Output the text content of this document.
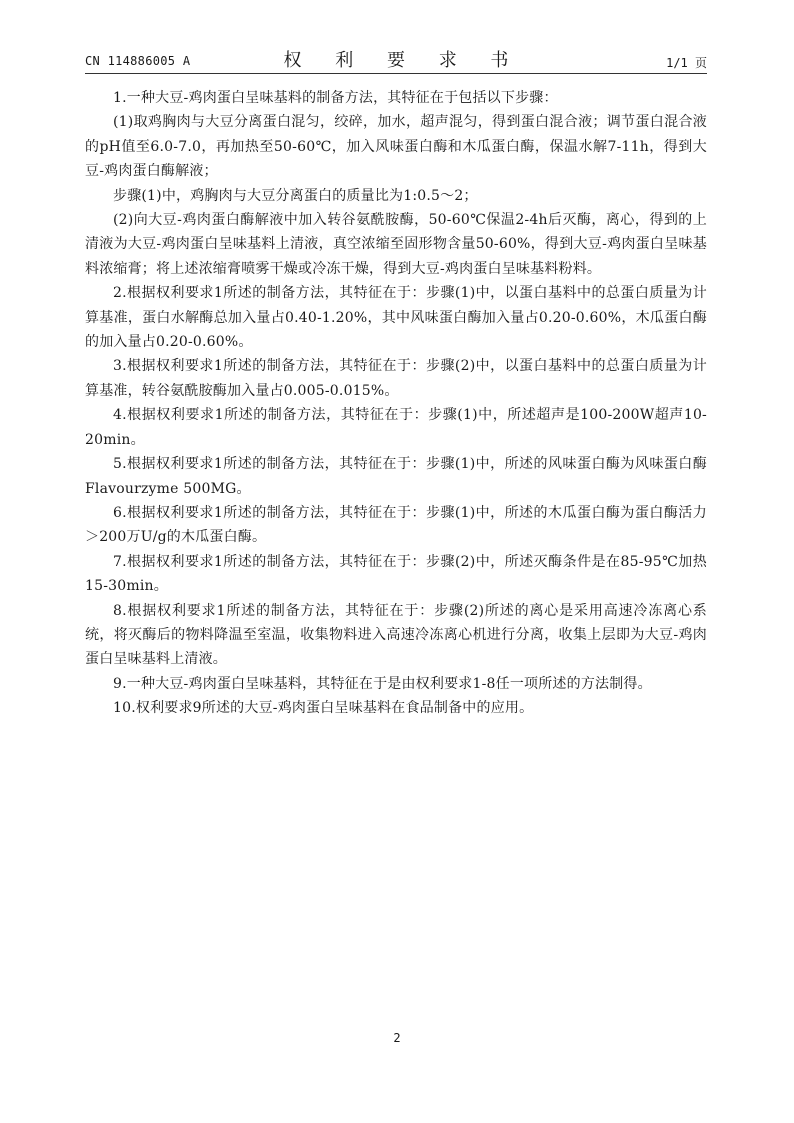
CN 114886005 A	权 利 要 求 书	1/1 页

1.一种大豆-鸡肉蛋白呈味基料的制备方法，其特征在于包括以下步骤：

(1)取鸡胸肉与大豆分离蛋白混匀，绞碎，加水，超声混匀，得到蛋白混合液；调节蛋白混合液的pH值至6.0-7.0，再加热至50-60℃，加入风味蛋白酶和木瓜蛋白酶，保温水解7-11h，得到大豆-鸡肉蛋白酶解液；

步骤(1)中，鸡胸肉与大豆分离蛋白的质量比为1:0.5～2；

(2)向大豆-鸡肉蛋白酶解液中加入转谷氨酰胺酶，50-60℃保温2-4h后灭酶，离心，得到的上清液为大豆-鸡肉蛋白呈味基料上清液，真空浓缩至固形物含量50-60%，得到大豆-鸡肉蛋白呈味基料浓缩膏；将上述浓缩膏喷雾干燥或冷冻干燥，得到大豆-鸡肉蛋白呈味基料粉料。

2.根据权利要求1所述的制备方法，其特征在于：步骤(1)中，以蛋白基料中的总蛋白质量为计算基准，蛋白水解酶总加入量占0.40-1.20%，其中风味蛋白酶加入量占0.20-0.60%，木瓜蛋白酶的加入量占0.20-0.60%。

3.根据权利要求1所述的制备方法，其特征在于：步骤(2)中，以蛋白基料中的总蛋白质量为计算基准，转谷氨酰胺酶加入量占0.005-0.015%。

4.根据权利要求1所述的制备方法，其特征在于：步骤(1)中，所述超声是100-200W超声10-20min。

5.根据权利要求1所述的制备方法，其特征在于：步骤(1)中，所述的风味蛋白酶为风味蛋白酶Flavourzyme 500MG。

6.根据权利要求1所述的制备方法，其特征在于：步骤(1)中，所述的木瓜蛋白酶为蛋白酶活力＞200万U/g的木瓜蛋白酶。

7.根据权利要求1所述的制备方法，其特征在于：步骤(2)中，所述灭酶条件是在85-95℃加热15-30min。

8.根据权利要求1所述的制备方法，其特征在于：步骤(2)所述的离心是采用高速冷冻离心系统，将灭酶后的物料降温至室温，收集物料进入高速冷冻离心机进行分离，收集上层即为大豆-鸡肉蛋白呈味基料上清液。

9.一种大豆-鸡肉蛋白呈味基料，其特征在于是由权利要求1-8任一项所述的方法制得。

10.权利要求9所述的大豆-鸡肉蛋白呈味基料在食品制备中的应用。

2
